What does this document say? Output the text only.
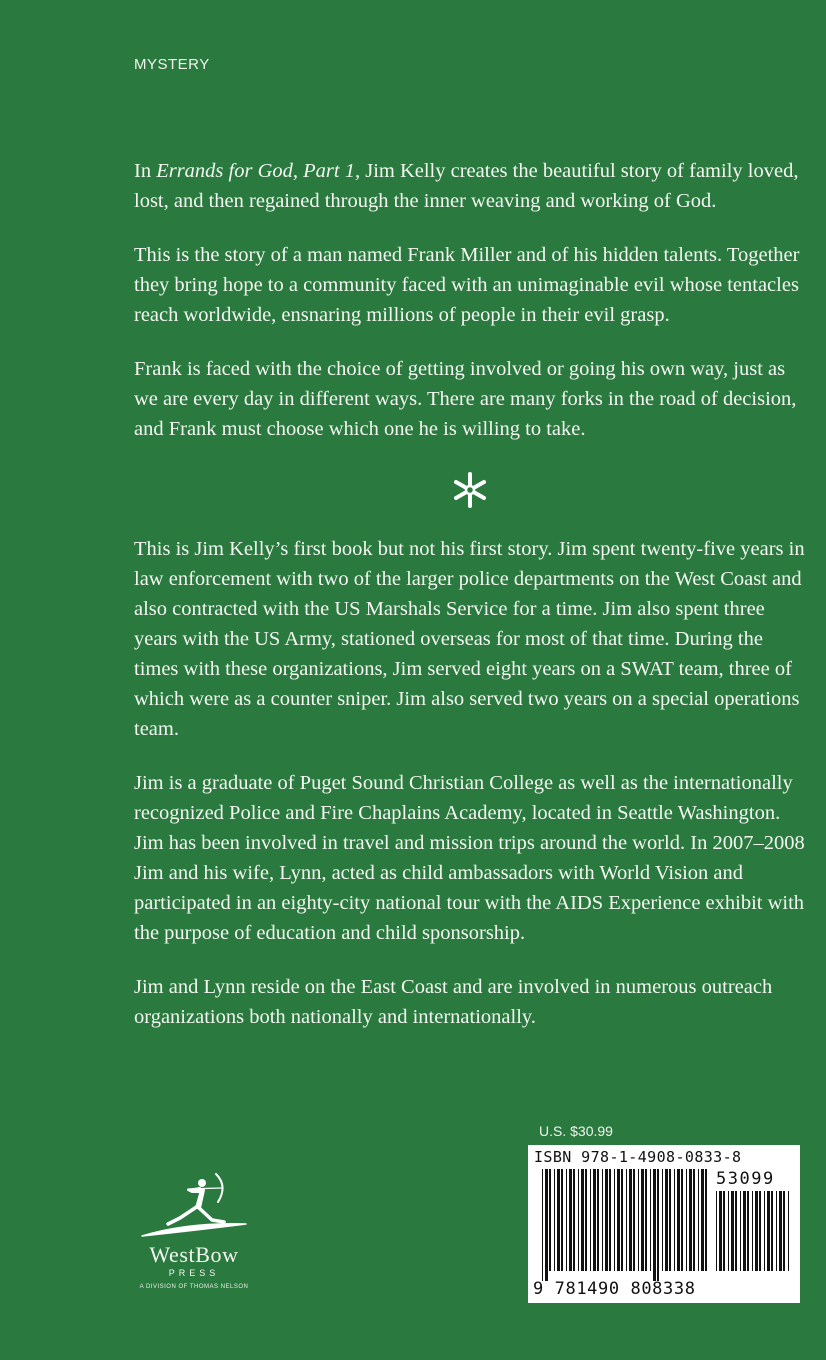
MYSTERY

In Errands for God, Part 1, Jim Kelly creates the beautiful story of family loved, lost, and then regained through the inner weaving and working of God.

This is the story of a man named Frank Miller and of his hidden talents. Together they bring hope to a community faced with an unimaginable evil whose tentacles reach worldwide, ensnaring millions of people in their evil grasp.

Frank is faced with the choice of getting involved or going his own way, just as we are every day in different ways. There are many forks in the road of decision, and Frank must choose which one he is willing to take.

This is Jim Kelly’s first book but not his first story. Jim spent twenty-five years in law enforcement with two of the larger police departments on the West Coast and also contracted with the US Marshals Service for a time. Jim also spent three years with the US Army, stationed overseas for most of that time. During the times with these organizations, Jim served eight years on a SWAT team, three of which were as a counter sniper. Jim also served two years on a special operations team.

Jim is a graduate of Puget Sound Christian College as well as the internationally recognized Police and Fire Chaplains Academy, located in Seattle Washington. Jim has been involved in travel and mission trips around the world. In 2007–2008 Jim and his wife, Lynn, acted as child ambassadors with World Vision and participated in an eighty-city national tour with the AIDS Experience exhibit with the purpose of education and child sponsorship.

Jim and Lynn reside on the East Coast and are involved in numerous outreach organizations both nationally and internationally.

U.S. $30.99
ISBN 978-1-4908-0833-8
53099
9 781490 808338
WestBow
PRESS
A DIVISION OF THOMAS NELSON
